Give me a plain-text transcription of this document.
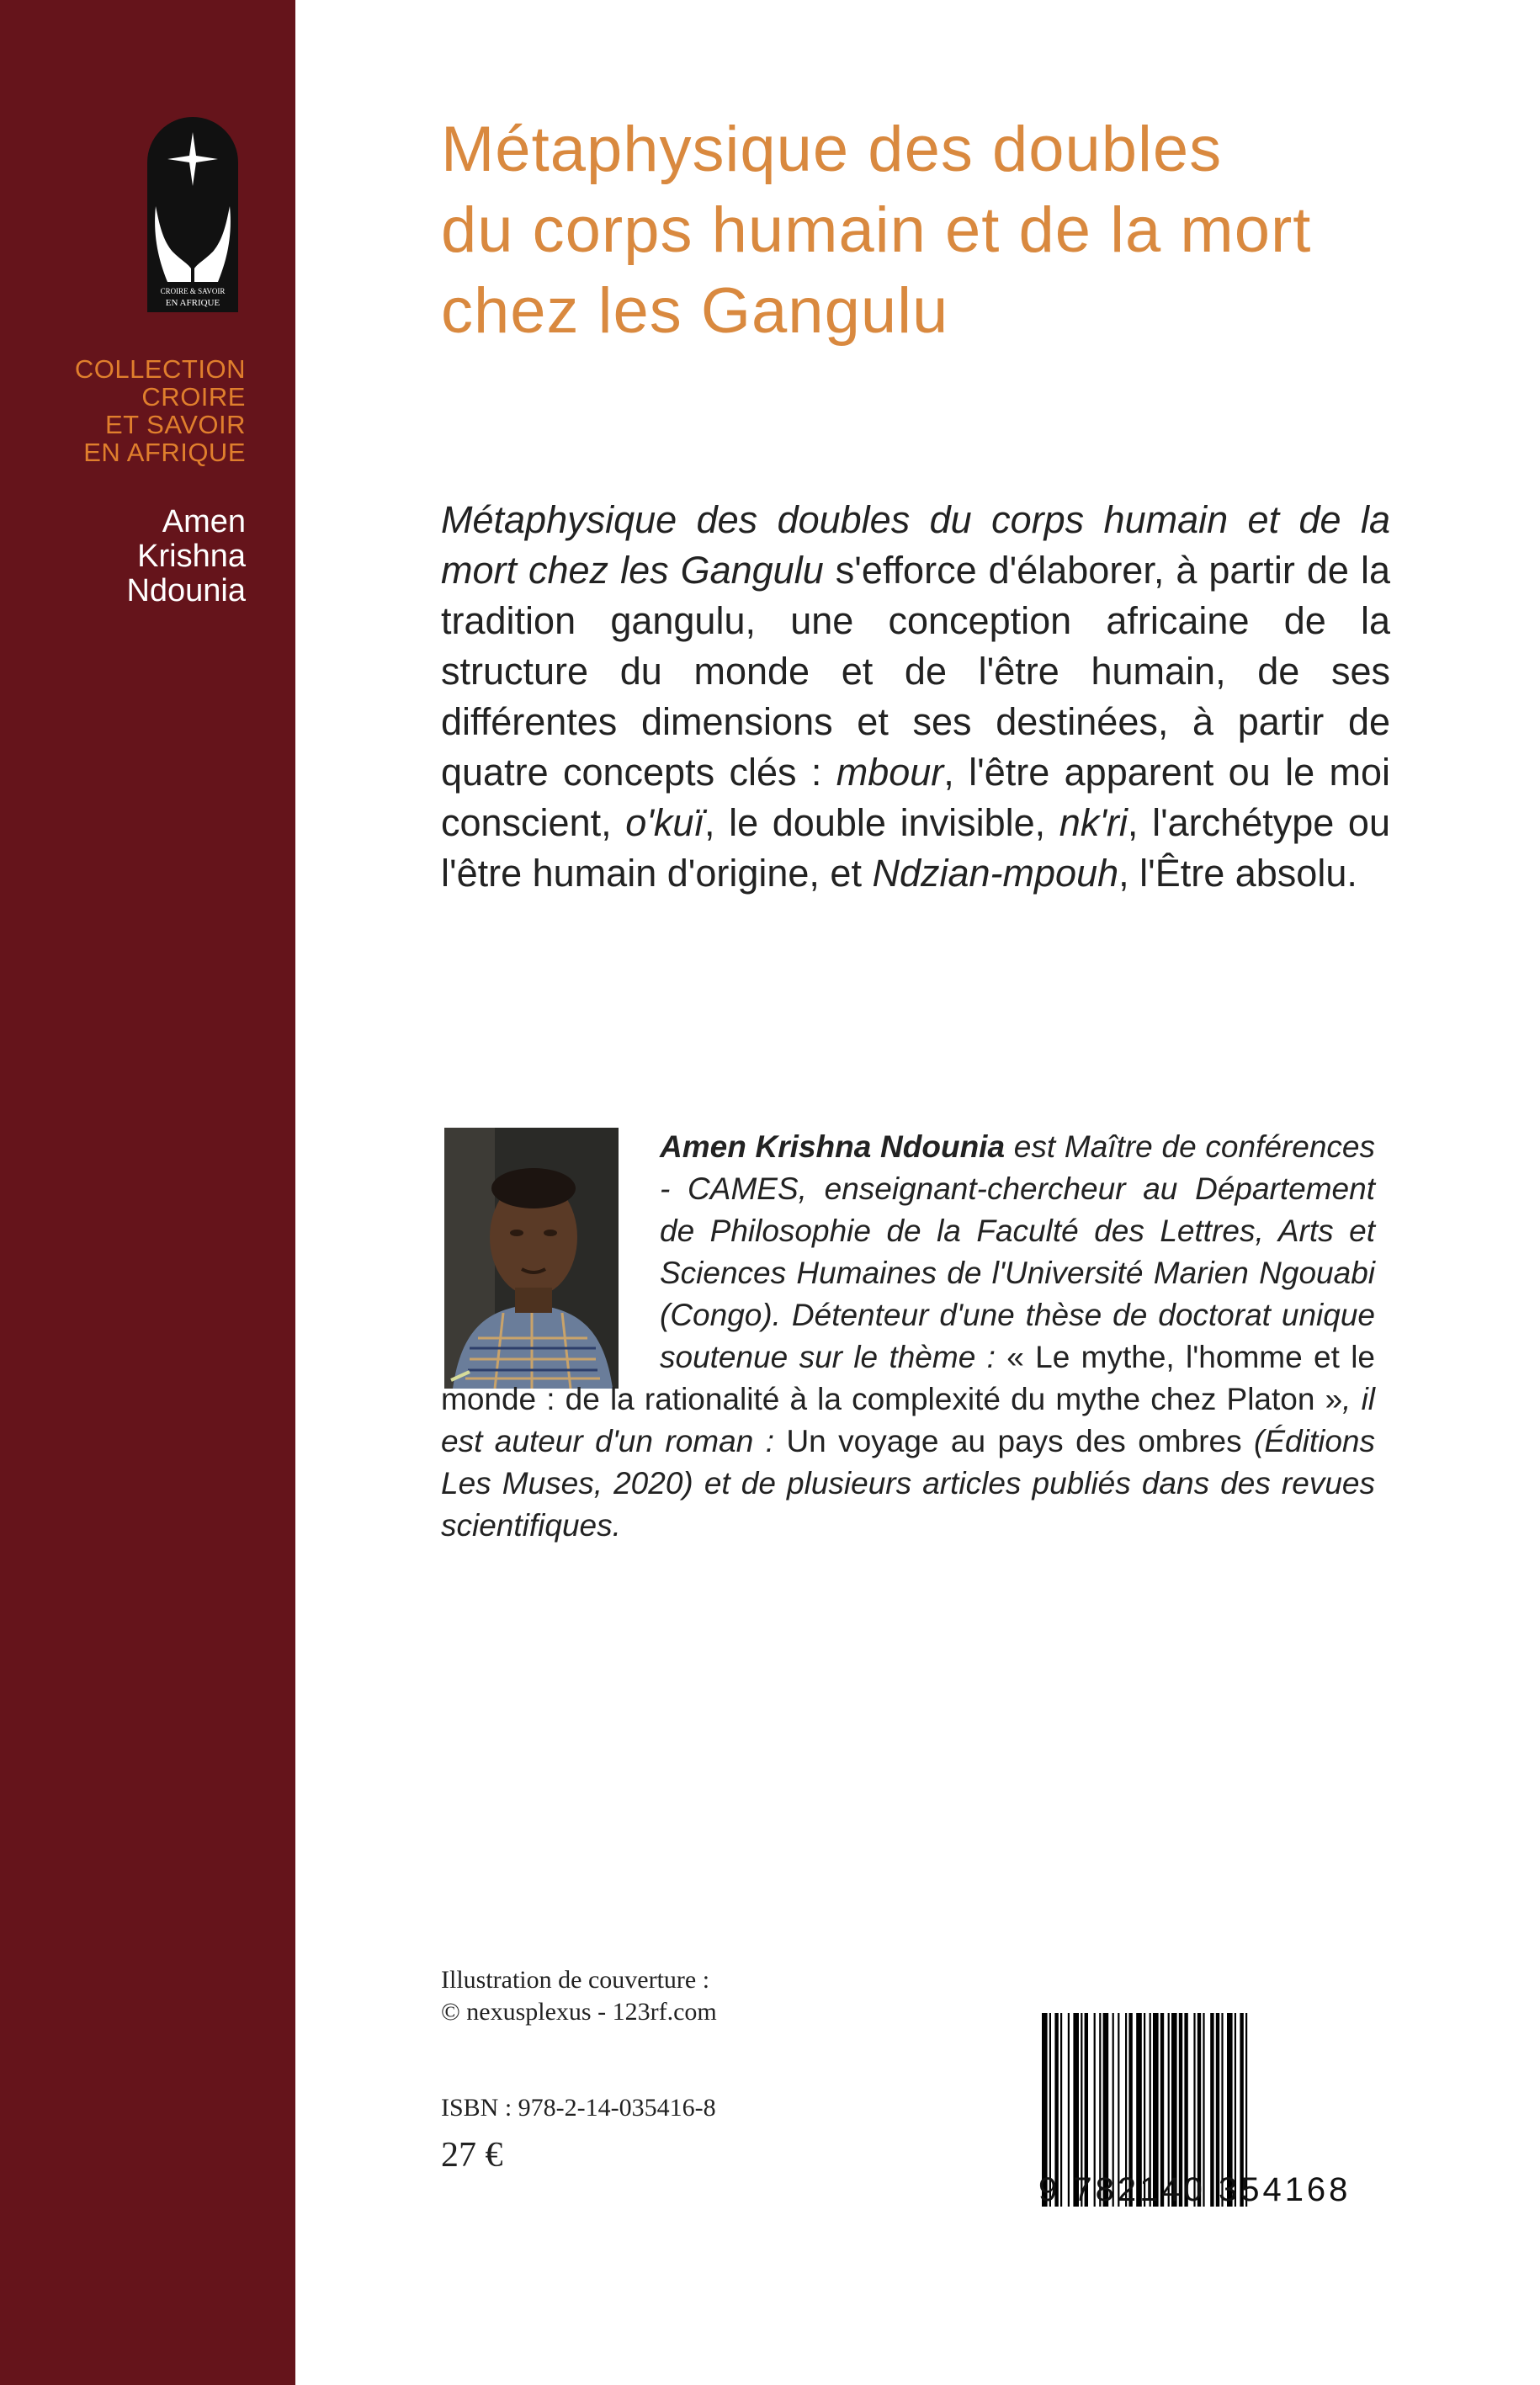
CROIRE & SAVOIR
EN AFRIQUE
COLLECTION
CROIRE
ET SAVOIR
EN AFRIQUE
Amen
Krishna
Ndounia
Métaphysique des doubles
du corps humain et de la mort
chez les Gangulu

Métaphysique des doubles du corps humain et de la mort chez les Gangulu s'efforce d'élaborer, à partir de la tradition gangulu, une conception africaine de la structure du monde et de l'être humain, de ses différentes dimensions et ses destinées, à partir de quatre concepts clés : mbour, l'être apparent ou le moi conscient, o'kuï, le double invisible, nk'ri, l'archétype ou l'être humain d'origine, et Ndzian-mpouh, l'Être absolu.

Amen Krishna Ndounia est Maître de conférences - CAMES, enseignant-chercheur au Département de Philosophie de la Faculté des Lettres, Arts et Sciences Humaines de l'Université Marien Ngouabi (Congo). Détenteur d'une thèse de doctorat unique soutenue sur le thème : « Le mythe, l'homme et le monde : de la rationalité à la complexité du mythe chez Platon », il est auteur d'un roman : Un voyage au pays des ombres (Éditions Les Muses, 2020) et de plusieurs articles publiés dans des revues scientifiques.

Illustration de couverture :
© nexusplexus - 123rf.com
ISBN : 978-2-14-035416-8
27 €
9 782140 354168
